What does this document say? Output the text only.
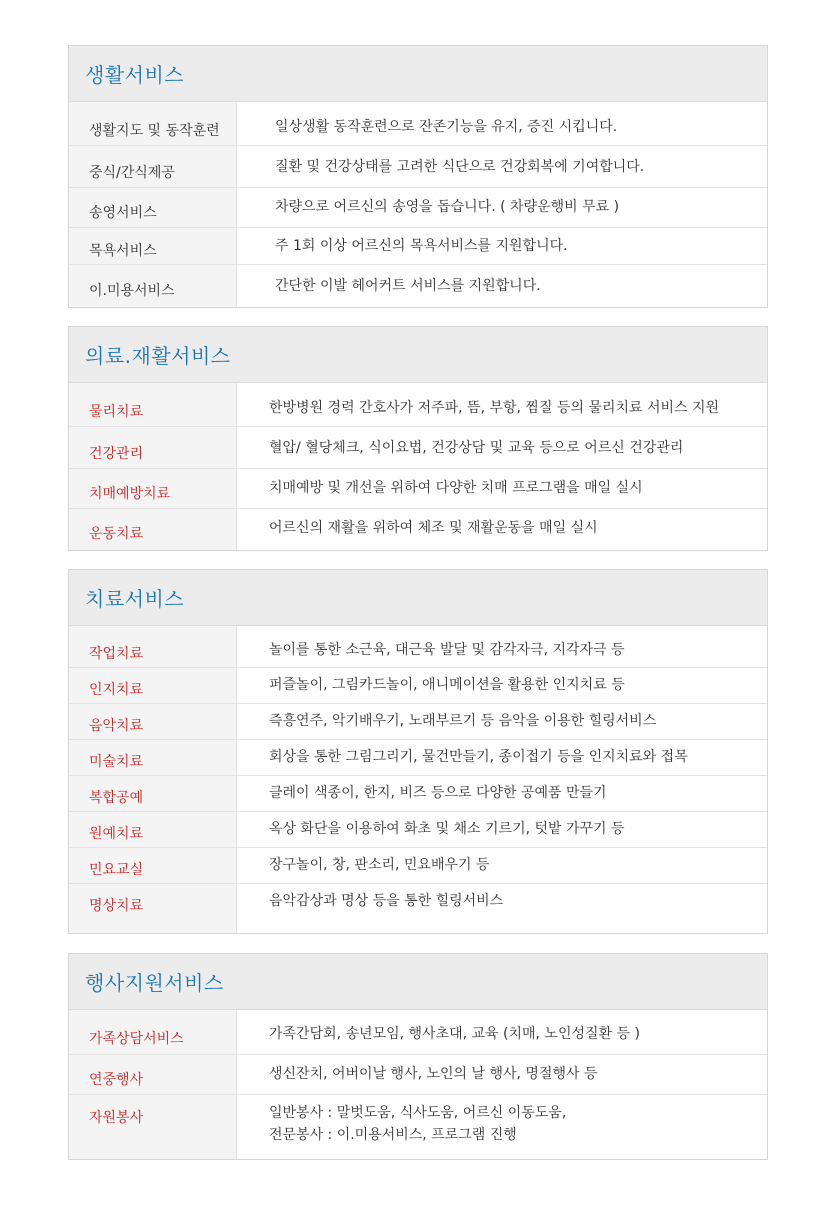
생활서비스
생활지도 및 동작훈련	일상생활 동작훈련으로 잔존기능을 유지, 증진 시킵니다.
중식/간식제공	질환 및 건강상태를 고려한 식단으로 건강회복에 기여합니다.
송영서비스	차량으로 어르신의 송영을 돕습니다. ( 차량운행비 무료 )
목욕서비스	주 1회 이상 어르신의 목욕서비스를 지원합니다.
이.미용서비스	간단한 이발 헤어커트 서비스를 지원합니다.
의료.재활서비스
물리치료	한방병원 경력 간호사가 저주파, 뜸, 부항, 찜질 등의 물리치료 서비스 지원
건강관리	혈압/ 혈당체크, 식이요법, 건강상담 및 교육 등으로 어르신 건강관리
치매예방치료	치매예방 및 개선을 위하여 다양한 치매 프로그램을 매일 실시
운동치료	어르신의 재활을 위하여 체조 및 재활운동을 매일 실시
치료서비스
작업치료	놀이를 통한 소근육, 대근육 발달 및 감각자극, 지각자극 등
인지치료	퍼즐놀이, 그림카드놀이, 애니메이션을 활용한 인지치료 등
음악치료	즉흥연주, 악기배우기, 노래부르기 등 음악을 이용한 힐링서비스
미술치료	회상을 통한 그림그리기, 물건만들기, 종이접기 등을 인지치료와 접목
복합공예	클레이 색종이, 한지, 비즈 등으로 다양한 공예품 만들기
원예치료	옥상 화단을 이용하여 화초 및 채소 기르기, 텃밭 가꾸기 등
민요교실	장구놀이, 창, 판소리, 민요배우기 등
명상치료	음악감상과 명상 등을 통한 힐링서비스
행사지원서비스
가족상담서비스	가족간담회, 송년모임, 행사초대, 교육 (치매, 노인성질환 등 )
연중행사	생신잔치, 어버이날 행사, 노인의 날 행사, 명절행사 등
자원봉사	일반봉사 : 말벗도움, 식사도움, 어르신 이동도움,
전문봉사 : 이.미용서비스, 프로그램 진행
